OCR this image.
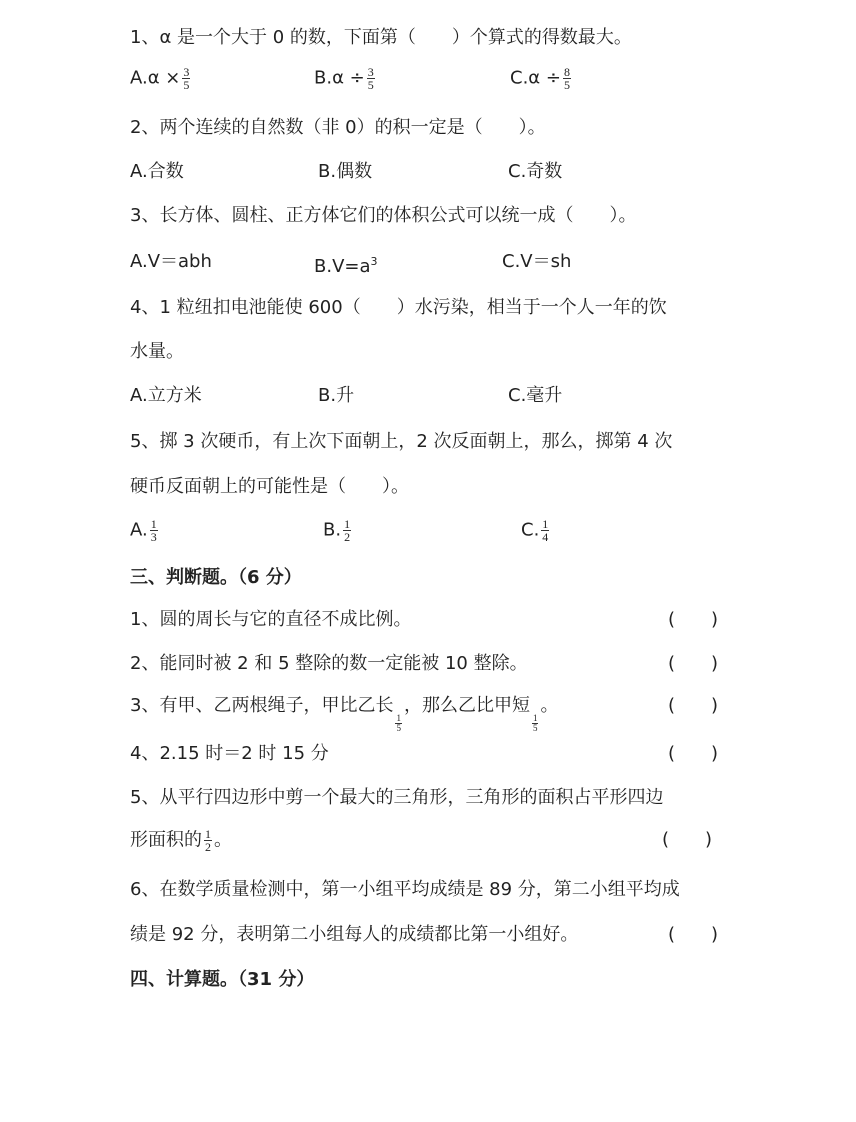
1、α 是一个大于 0 的数，下面第（　　）个算式的得数最大。
$A.\alpha \times \frac{3}{5}$	$B.\alpha \div \frac{3}{5}$	$C.\alpha \div \frac{8}{5}$
2、两个连续的自然数（非 0）的积一定是（　　）。
A.合数	B.偶数	C.奇数
3、长方体、圆柱、正方体它们的体积公式可以统一成（　　）。
A.V＝abh	$B.V=a^3$	C.V＝sh
4、1 粒纽扣电池能使 600（　　）水污染，相当于一个人一年的饮
水量。
A.立方米	B.升	C.毫升
5、掷 3 次硬币，有上次下面朝上，2 次反面朝上，那么，掷第 4 次
硬币反面朝上的可能性是（　　）。
A. $\frac{1}{3}$	B. $\frac{1}{2}$	C. $\frac{1}{4}$
三、判断题。（6 分）
1、圆的周长与它的直径不成比例。	(　　)
2、能同时被 2 和 5 整除的数一定能被 10 整除。	(　　)
3、有甲、乙两根绳子，甲比乙长
$\frac{1}{5}$
，那么乙比甲短
$\frac{1}{5}$
。	(　　)
4、2.15 时＝2 时 15 分	(　　)
5、从平行四边形中剪一个最大的三角形，三角形的面积占平形四边
形面积的 $\frac{1}{2}$ 。	(　　)
6、在数学质量检测中，第一小组平均成绩是 89 分，第二小组平均成
绩是 92 分，表明第二小组每人的成绩都比第一小组好。	(　　)
四、计算题。（31 分）
